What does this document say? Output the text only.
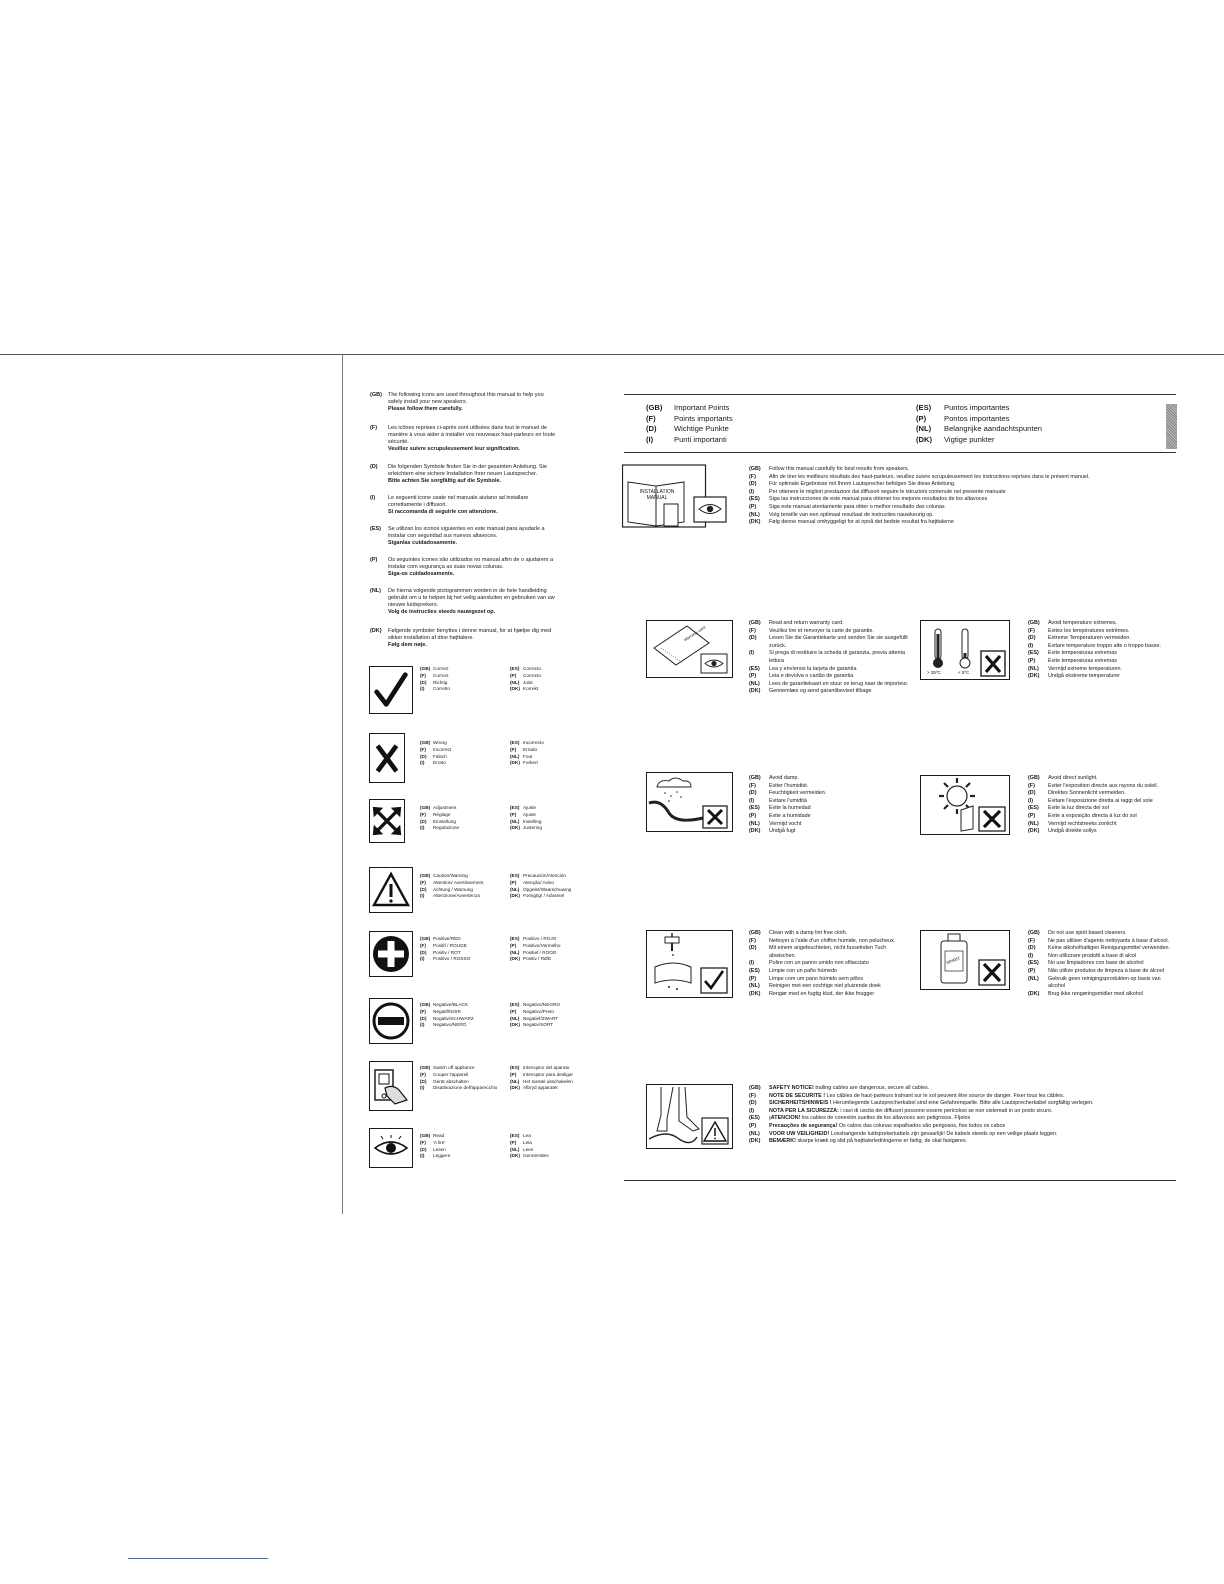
(GB)	The following icons are used throughout this manual to help you
safely install your new speakers.
Please follow them carefully.
(F)	Les icônes reprises ci-après sont utilisées dans tout le manuel de
manière à vous aider à installer vos nouveaux haut-parleurs en toute
sécurité.
Veuillez suivre scrupuleusement leur signification.
(D)	Die folgenden Symbole finden Sie in der gesamten Anleitung. Sie
erleichtern eine sichere Installation Ihrer neuen Lautsprecher.
Bitte achten Sie sorgfältig auf die Symbole.
(I)	Le seguenti icone usate nel manuale aiutano ad installare
correttamente i diffusori.
Si raccomanda di seguirle con attenzione.
(ES)	Se utilizan los iconos siguientes en este manual para ayudarle a
instalar con seguridad sus nuevos altavoces.
Síganlas cuidadosamente.
(P)	Os seguintes ícones são utilizados no manual afim de o ajudarem a
instalar com segurança as suas novas colunas.
Siga-os cuidadosamente.
(NL)	De hierna volgende pictogrammen worden in de hele handleiding
gebruikt om u te helpen bij het veilig aansluiten en gebruiken van uw
nieuwe luidsprekers.
Volg de instructies steeds nauwgezet op.
(DK)	Følgende symboler benyttes i denne manual, for at hjælpe dig med
sikker installation af dine højttalere.
Følg dem nøje.
(GB) Correct
(F)	Correct
(D)	Richtig
(I)	Corretto
(ES) Correcto
(P)	Correcto
(NL) Juist
(DK) Korrekt
(GB) Wrong
(F)	Incorrect
(D)	Falsch
(I)	Errato
(ES) Incorrecto
(P)	Errado
(NL) Fout
(DK) Forkert
(GB) Adjustment
(F)	Réglage
(D)	Einstellung
(I)	Regolazione
(ES) Ajuste
(P)	Ajuste
(NL) Instelling
(DK) Justering
(GB) Caution/Warning
(F)	Attention/ Avertissement
(D)	Achtung / Warnung
(I)	Attenzione/Avvertenza
(ES) Precaución/Atención
(P)	Atenção/ Aviso
(NL) Opgelet/Waarschuwing
(DK) Forsigtig! / Advarsel
(GB) Positive/RED
(F)	Positif / ROUGE
(D)	Positiv / ROT
(I)	Positivo / ROSSO
(ES) Positivo / ROJO
(P)	Positivo/Vermelho
(NL) Positief / ROOD
(DK) Positiv / RØD
(GB) Negative/BLACK
(F)	Négatif/NOIR
(D)	Negativ/SCHWARZ
(I)	Negativo/NERO
(ES) Negativo/NEGRO
(P)	Negativo/Preto
(NL) Negatief/ZWART
(DK) Negativ/SORT
(GB) Switch off appliance
(F)	Couper l'appareil
(D)	Gerät abschalten
(I)	Disattivazione dell'apparecchio
(ES) Interruptor del aparato
(P)	Interruptor para desligar
(NL) Het toestel uitschakelen
(DK) Afbryd apparatet
(GB) Read
(F)	'A lire'
(D)	Lesen
(I)	Leggere
(ES) Lea
(P)	Leia
(NL) Lees
(DK) Gennemlæs
(GB)	Important Points
(F)	Points importants
(D)	Wichtige Punkte
(I)	Punti importanti
(ES)	Puntos importantes
(P)	Pontos importantes
(NL)	Belangrijke aandachtspunten
(DK)	Vigtige punkter
INSTALLATION MANUAL
(GB)	Follow this manual carefully for best results from speakers.
(F)	Afin de tirer les meilleurs résultats des haut-parleurs, veuillez suivre scrupuleusement les instructions reprises dans le présent manuel.
(D)	Für optimale Ergebnisse mit Ihrem Lautsprecher befolgen Sie diese Anleitung.
(I)	Per ottenere le migliori prestazioni dai diffusori seguire le istruzioni contenute nel presente manuale
(ES)	Siga las instrucciones de este manual para obtener los mejores resultados de los altavoces
(P)	Siga este manual atentamente para obter o melhor resultado das colunas
(NL)	Volg terwille van een optimaal resultaat de instructies nauwkeurig op.
(DK)	Følg denne manual omhyggeligt for at opnå det bedste resultat fra højttalerne
Warranty card
(GB)	Read and return warranty card.
(F)	Veuillez lire et renvoyer la carte de garantie.
(D)	Lesen Sie die Garantiekarte und senden Sie sie ausgefüllt zurück.
(I)	Si prega di restituire la scheda di garanzia, previa attenta lettura
(ES)	Lea y envíenos la tarjeta de garantía
(P)	Leia e devolva o cartão de garantia
(NL)	Lees de garantiekaart en stuur ze terug naar de importeur.
(DK)	Gennemlæs og send garantibeviset tilbage
> 35ºC	< 5ºC
(GB)	Avoid temperature extremes.
(F)	Evitez les températures extrêmes.
(D)	Extreme Temperaturen vermeiden.
(I)	Evitare temperature troppo alte o troppo basse.
(ES)	Evite temperaturas extremas
(P)	Evite temperaturas extremas
(NL)	Vermijd extreme temperaturen.
(DK)	Undgå ekstreme temperaturer
(GB)	Avoid damp.
(F)	Eviter l'humidité.
(D)	Feuchtigkeit vermeiden.
(I)	Evitare l'umidità
(ES)	Evite la humedad
(P)	Evite a humidade
(NL)	Vermijd vocht
(DK)	Undgå fugt
(GB)	Avoid direct sunlight.
(F)	Eviter l'exposition directe aux rayons du soleil.
(D)	Direktes Sonnenlicht vermeiden.
(I)	Evitare l'esposizione diretta ai raggi del sole
(ES)	Evite la luz directa del sol
(P)	Evite a exposição directa à luz do sol
(NL)	Vermijd rechtstreeks zonlicht
(DK)	Undgå direkte sollys
(GB)	Clean with a damp lint free cloth.
(F)	Nettoyer à l'aide d'un chiffon humide, non pelucheux.
(D)	Mit einem angefeuchteten, nicht fusselnden Tuch abwischen.
(I)	Pulire con un panno umido non sfilacciato
(ES)	Limpie con un paño húmedo
(P)	Limpe com um pano húmido sem pêlos
(NL)	Reinigen met een vochtige niet pluizende doek
(DK)	Rengør med en fugtig klud, der ikke fnugger
SPIRIT
(GB)	Do not use spirit based cleaners.
(F)	Ne pas utiliser d'agents nettoyants à base d'alcool.
(D)	Keine alkoholhaltigen Reinigungsmittel verwenden.
(I)	Non utilizzare prodotti a base di alcol
(ES)	No use limpiadores con base de alcohol
(P)	Não utilize produtos de limpeza à base de álcool
(NL)	Gebruik geen reinigingsprodukten op basis van alcohol
(DK)	Brug ikke rengøringsmidler med alkohol
(GB)	SAFETY NOTICE! trailing cables are dangerous, secure all cables.
(F)	NOTE DE SECURITE ! Les câbles de haut-parleurs traînant sur le sol peuvent être source de danger. Fixer tous les câbles.
(D)	SICHERHEITSHINWEIS ! Herumliegende Lautsprecherkabel sind eine Gefahrenquelle. Bitte alle Lautsprecherkabel sorgfältig verlegen.
(I)	NOTA PER LA SICUREZZA: i cavi di uscita dei diffusori possono essere pericolosi se non sistemati in un posto sicuro.
(ES)	¡ATENCION! los cables de conexión sueltos de los altavoces son peligrosos. Fíjelos
(P)	Precauções de segurança! Os cabos das colunas espalhados são perigosos, fixe todos os cabos
(NL)	VOOR UW VEILIGHEID! Losshangende luidsprekerkabels zijn gevaarlijk! De kabels steeds op een veilige plaats leggen.
(DK)	BEMÆRK! skarpe knæk og slid på højttalerledningerne er farlig, de skal fastgøres.
